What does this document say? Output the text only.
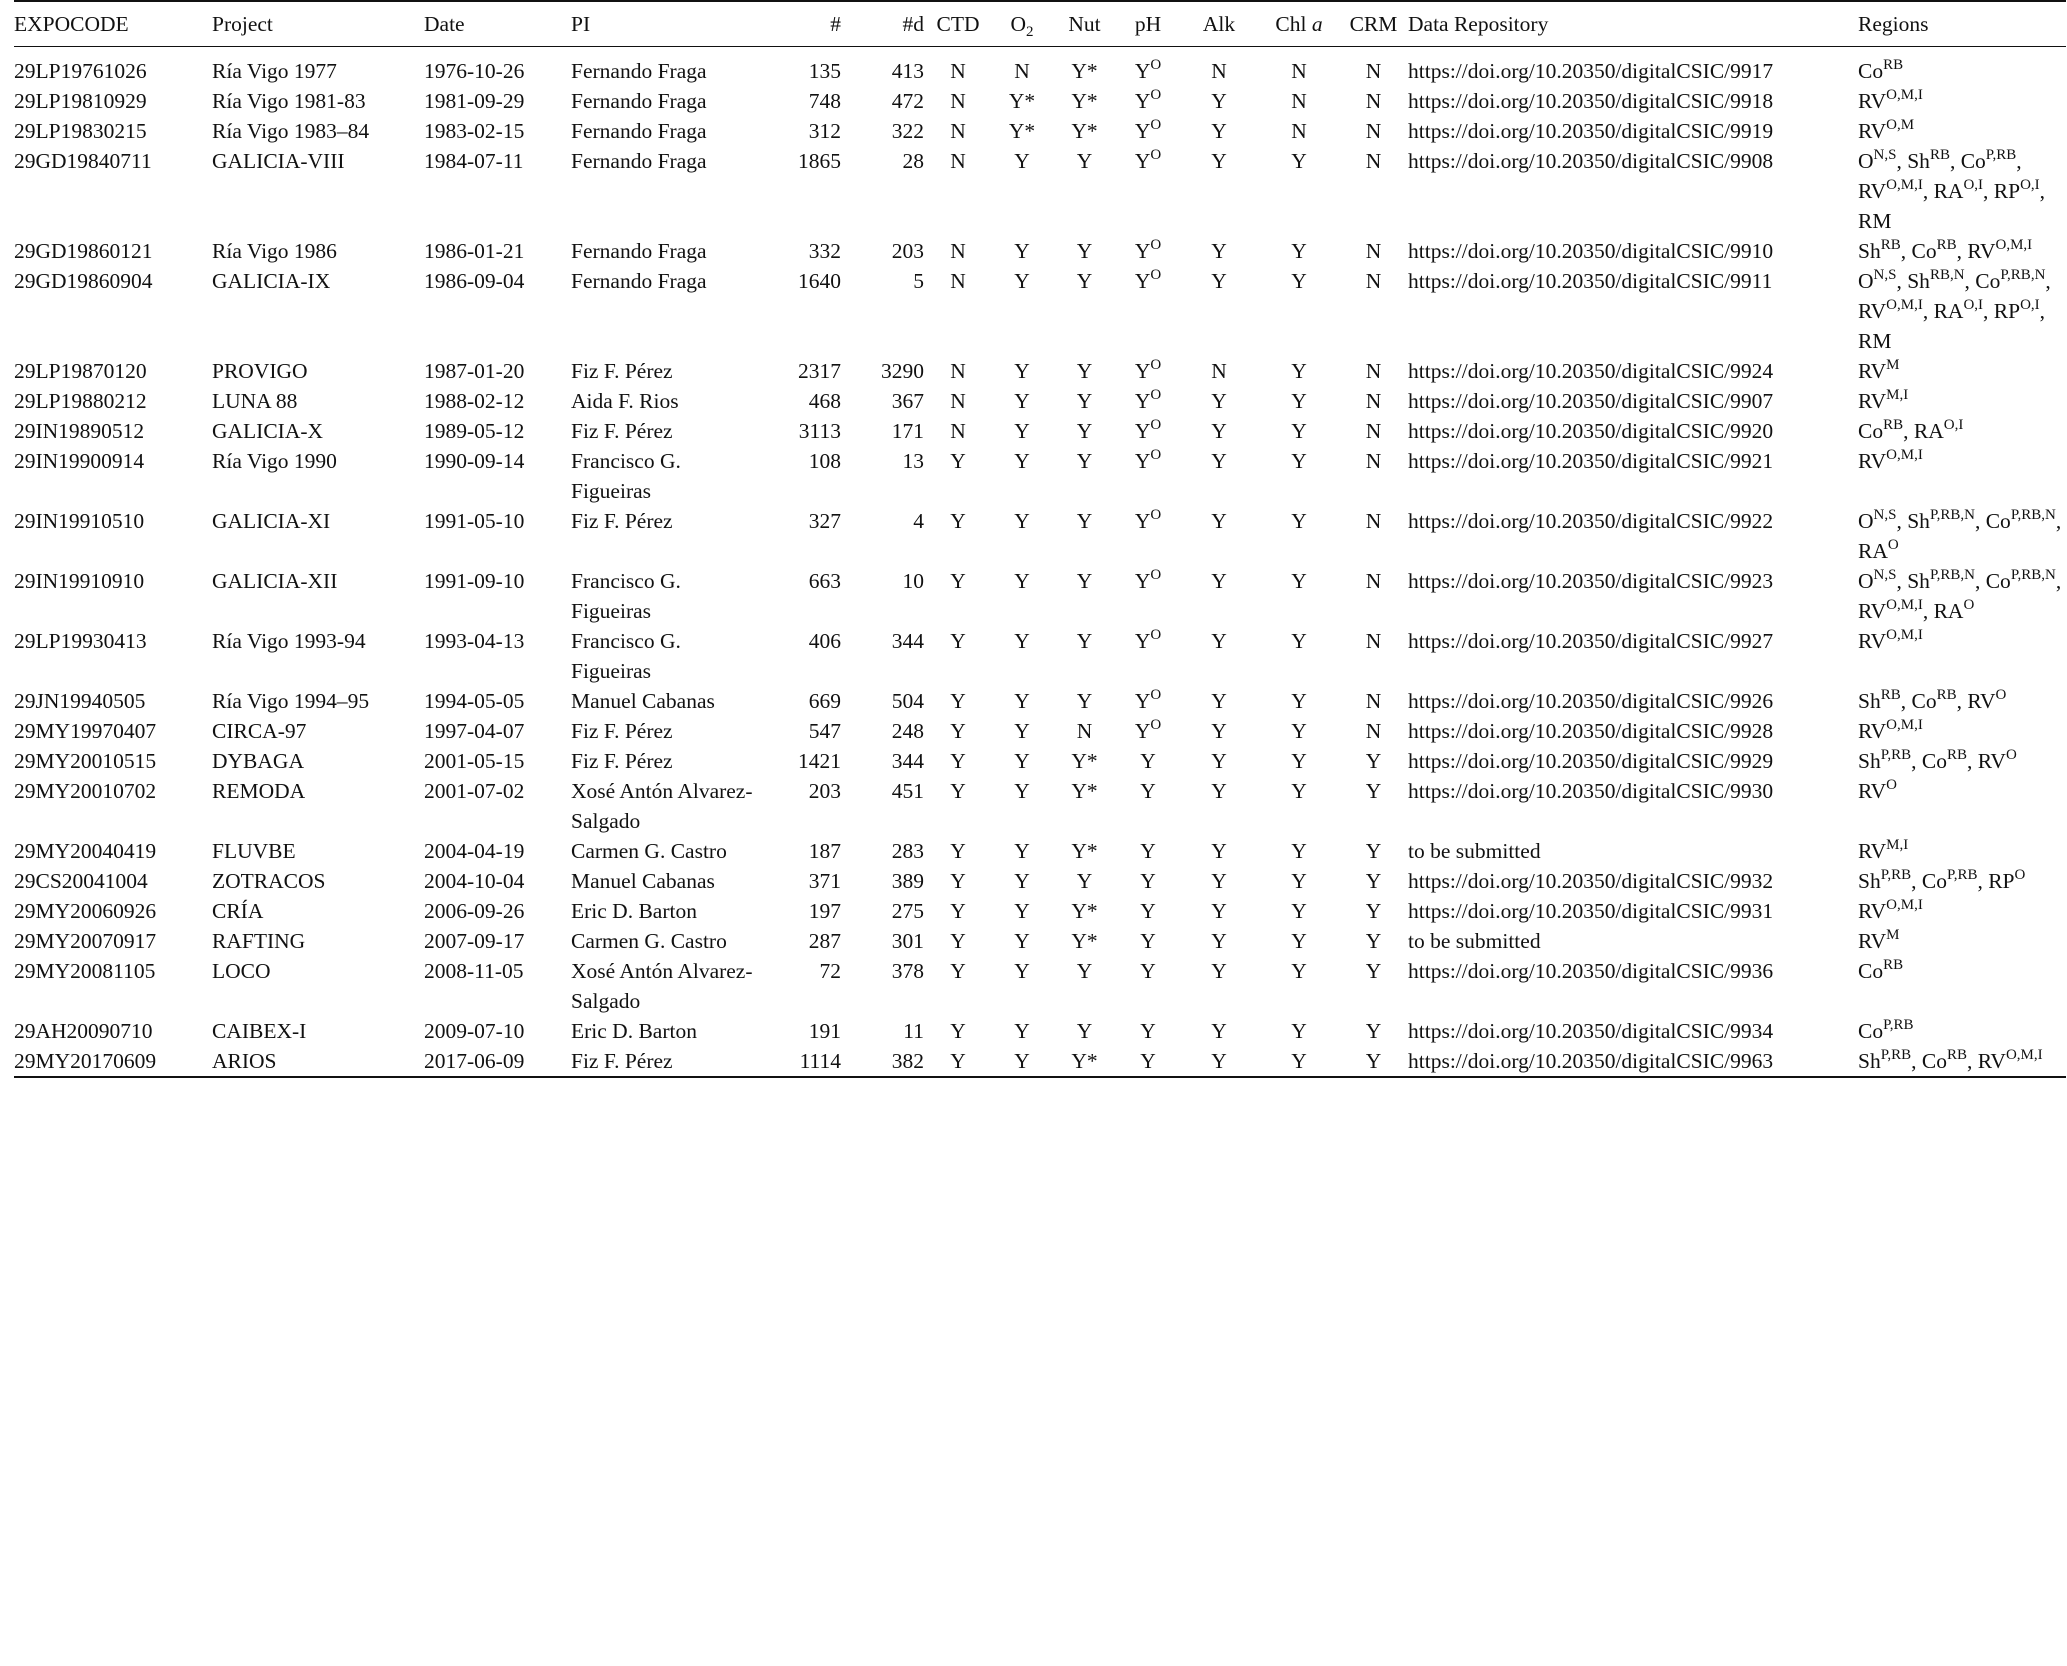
EXPOCODE	Project	Date	PI	#	#d	CTD	$O_2$	Nut	pH	Alk	Chl a	CRM	Data Repository	Regions
29LP19761026	Ría Vigo 1977	1976-10-26	Fernando Fraga	135	413	N	N	Y*	$Y^O$	N	N	N	https://doi.org/10.20350/digitalCSIC/9917	$Co^{RB}$
29LP19810929	Ría Vigo 1981-83	1981-09-29	Fernando Fraga	748	472	N	Y*	Y*	$Y^O$	Y	N	N	https://doi.org/10.20350/digitalCSIC/9918	$RV^{O,M,I}$
29LP19830215	Ría Vigo 1983–84	1983-02-15	Fernando Fraga	312	322	N	Y*	Y*	$Y^O$	Y	N	N	https://doi.org/10.20350/digitalCSIC/9919	$RV^{O,M}$
29GD19840711	GALICIA-VIII	1984-07-11	Fernando Fraga	1865	28	N	Y	Y	$Y^O$	Y	Y	N	https://doi.org/10.20350/digitalCSIC/9908	$O^{N,S}$, $Sh^{RB}$, $Co^{P,RB}$, $RV^{O,M,I}$, $RA^{O,I}$, $RP^{O,I}$, RM
29GD19860121	Ría Vigo 1986	1986-01-21	Fernando Fraga	332	203	N	Y	Y	$Y^O$	Y	Y	N	https://doi.org/10.20350/digitalCSIC/9910	$Sh^{RB}$, $Co^{RB}$, $RV^{O,M,I}$
29GD19860904	GALICIA-IX	1986-09-04	Fernando Fraga	1640	5	N	Y	Y	$Y^O$	Y	Y	N	https://doi.org/10.20350/digitalCSIC/9911	$O^{N,S}$, $Sh^{RB,N}$, $Co^{P,RB,N}$, $RV^{O,M,I}$, $RA^{O,I}$, $RP^{O,I}$, RM
29LP19870120	PROVIGO	1987-01-20	Fiz F. Pérez	2317	3290	N	Y	Y	$Y^O$	N	Y	N	https://doi.org/10.20350/digitalCSIC/9924	$RV^M$
29LP19880212	LUNA 88	1988-02-12	Aida F. Rios	468	367	N	Y	Y	$Y^O$	Y	Y	N	https://doi.org/10.20350/digitalCSIC/9907	$RV^{M,I}$
29IN19890512	GALICIA-X	1989-05-12	Fiz F. Pérez	3113	171	N	Y	Y	$Y^O$	Y	Y	N	https://doi.org/10.20350/digitalCSIC/9920	$Co^{RB}$, $RA^{O,I}$
29IN19900914	Ría Vigo 1990	1990-09-14	Francisco G. Figueiras	108	13	Y	Y	Y	$Y^O$	Y	Y	N	https://doi.org/10.20350/digitalCSIC/9921	$RV^{O,M,I}$
29IN19910510	GALICIA-XI	1991-05-10	Fiz F. Pérez	327	4	Y	Y	Y	$Y^O$	Y	Y	N	https://doi.org/10.20350/digitalCSIC/9922	$O^{N,S}$, $Sh^{P,RB,N}$, $Co^{P,RB,N}$, $RA^O$
29IN19910910	GALICIA-XII	1991-09-10	Francisco G. Figueiras	663	10	Y	Y	Y	$Y^O$	Y	Y	N	https://doi.org/10.20350/digitalCSIC/9923	$O^{N,S}$, $Sh^{P,RB,N}$, $Co^{P,RB,N}$, $RV^{O,M,I}$, $RA^O$
29LP19930413	Ría Vigo 1993-94	1993-04-13	Francisco G. Figueiras	406	344	Y	Y	Y	$Y^O$	Y	Y	N	https://doi.org/10.20350/digitalCSIC/9927	$RV^{O,M,I}$
29JN19940505	Ría Vigo 1994–95	1994-05-05	Manuel Cabanas	669	504	Y	Y	Y	$Y^O$	Y	Y	N	https://doi.org/10.20350/digitalCSIC/9926	$Sh^{RB}$, $Co^{RB}$, $RV^O$
29MY19970407	CIRCA-97	1997-04-07	Fiz F. Pérez	547	248	Y	Y	N	$Y^O$	Y	Y	N	https://doi.org/10.20350/digitalCSIC/9928	$RV^{O,M,I}$
29MY20010515	DYBAGA	2001-05-15	Fiz F. Pérez	1421	344	Y	Y	Y*	Y	Y	Y	Y	https://doi.org/10.20350/digitalCSIC/9929	$Sh^{P,RB}$, $Co^{RB}$, $RV^O$
29MY20010702	REMODA	2001-07-02	Xosé Antón Alvarez-Salgado	203	451	Y	Y	Y*	Y	Y	Y	Y	https://doi.org/10.20350/digitalCSIC/9930	$RV^O$
29MY20040419	FLUVBE	2004-04-19	Carmen G. Castro	187	283	Y	Y	Y*	Y	Y	Y	Y	to be submitted	$RV^{M,I}$
29CS20041004	ZOTRACOS	2004-10-04	Manuel Cabanas	371	389	Y	Y	Y	Y	Y	Y	Y	https://doi.org/10.20350/digitalCSIC/9932	$Sh^{P,RB}$, $Co^{P,RB}$, $RP^O$
29MY20060926	CRÍA	2006-09-26	Eric D. Barton	197	275	Y	Y	Y*	Y	Y	Y	Y	https://doi.org/10.20350/digitalCSIC/9931	$RV^{O,M,I}$
29MY20070917	RAFTING	2007-09-17	Carmen G. Castro	287	301	Y	Y	Y*	Y	Y	Y	Y	to be submitted	$RV^M$
29MY20081105	LOCO	2008-11-05	Xosé Antón Alvarez-Salgado	72	378	Y	Y	Y	Y	Y	Y	Y	https://doi.org/10.20350/digitalCSIC/9936	$Co^{RB}$
29AH20090710	CAIBEX-I	2009-07-10	Eric D. Barton	191	11	Y	Y	Y	Y	Y	Y	Y	https://doi.org/10.20350/digitalCSIC/9934	$Co^{P,RB}$
29MY20170609	ARIOS	2017-06-09	Fiz F. Pérez	1114	382	Y	Y	Y*	Y	Y	Y	Y	https://doi.org/10.20350/digitalCSIC/9963	$Sh^{P,RB}$, $Co^{RB}$, $RV^{O,M,I}$
